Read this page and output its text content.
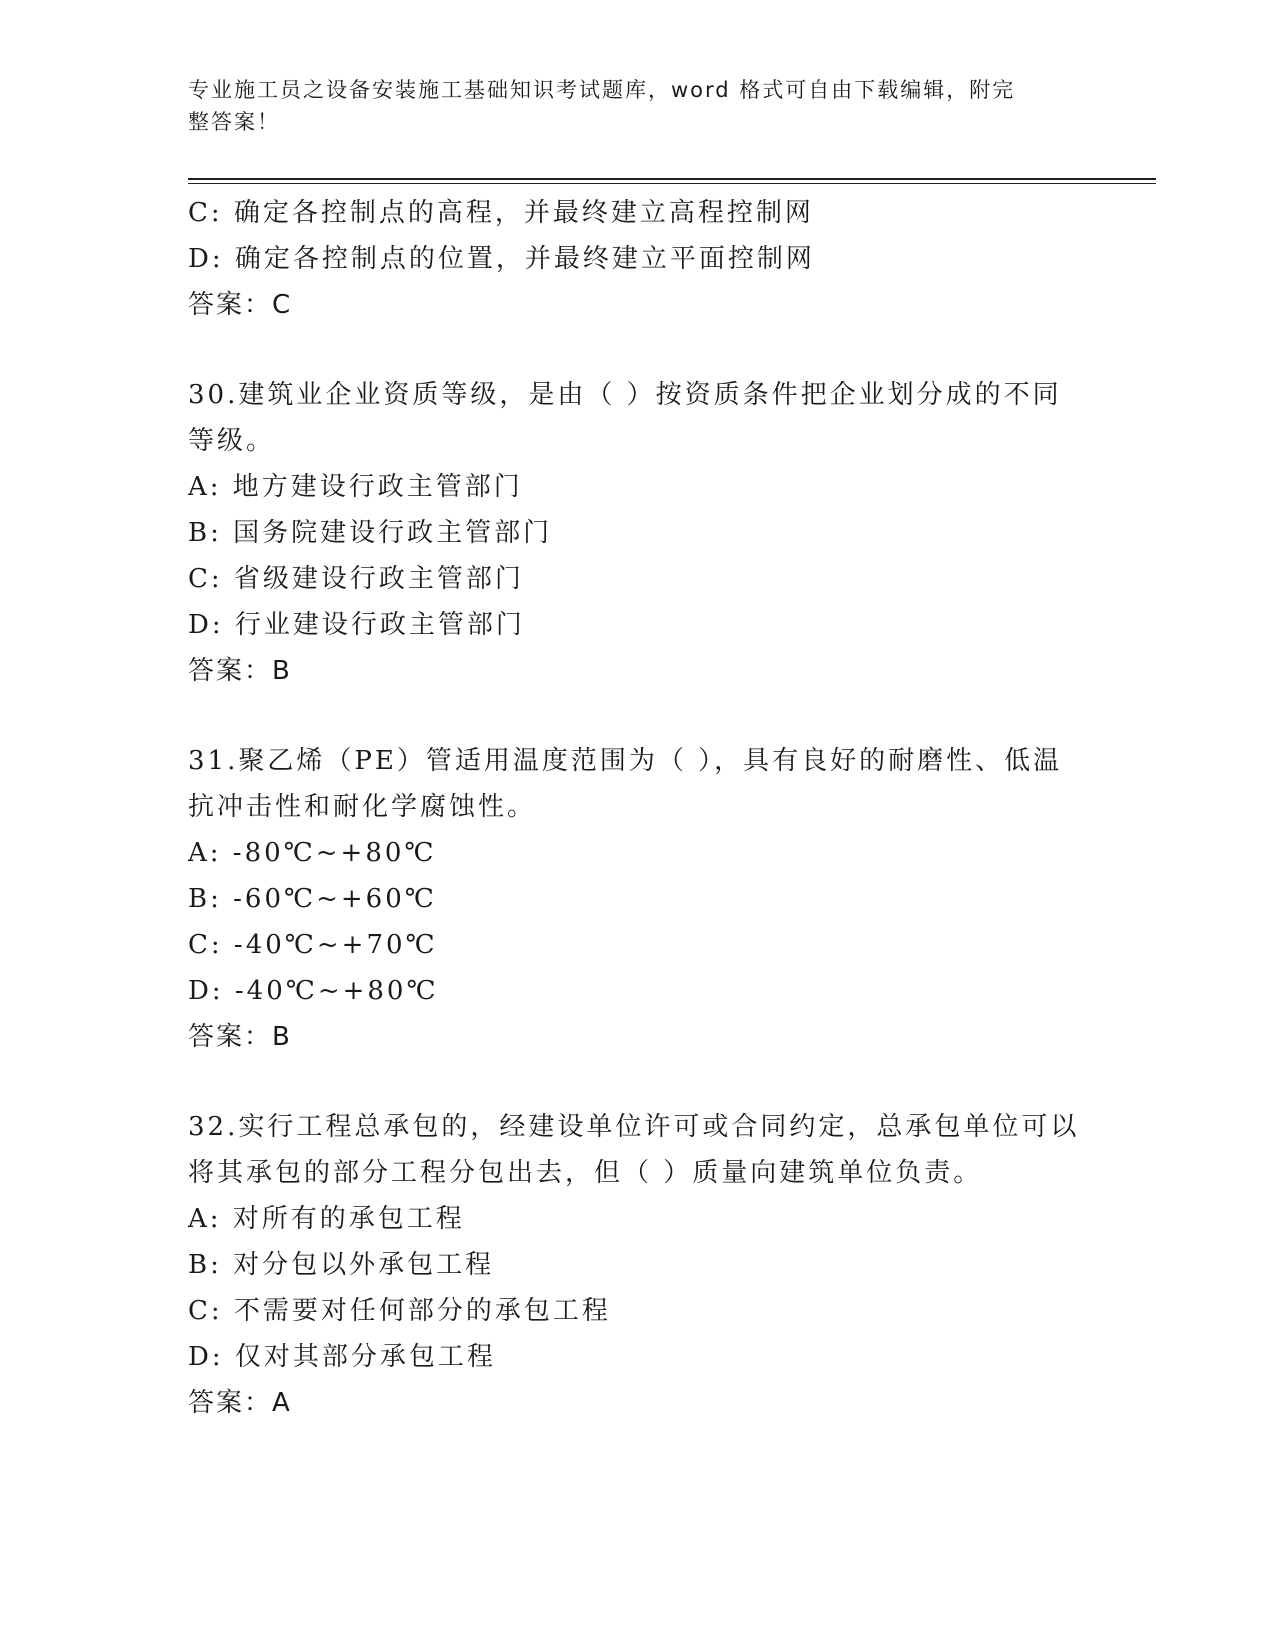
专业施工员之设备安装施工基础知识考试题库，word 格式可自由下载编辑，附完
整答案！
C: 确定各控制点的高程，并最终建立高程控制网
D: 确定各控制点的位置，并最终建立平面控制网
答案：C
30.建筑业企业资质等级，是由（ ）按资质条件把企业划分成的不同
等级。
A: 地方建设行政主管部门
B: 国务院建设行政主管部门
C: 省级建设行政主管部门
D: 行业建设行政主管部门
答案：B
31.聚乙烯（PE）管适用温度范围为（ ），具有良好的耐磨性、低温
抗冲击性和耐化学腐蚀性。
A: -80℃~+80℃
B: -60℃~+60℃
C: -40℃~+70℃
D: -40℃~+80℃
答案：B
32.实行工程总承包的，经建设单位许可或合同约定，总承包单位可以
将其承包的部分工程分包出去，但（ ）质量向建筑单位负责。
A: 对所有的承包工程
B: 对分包以外承包工程
C: 不需要对任何部分的承包工程
D: 仅对其部分承包工程
答案：A
